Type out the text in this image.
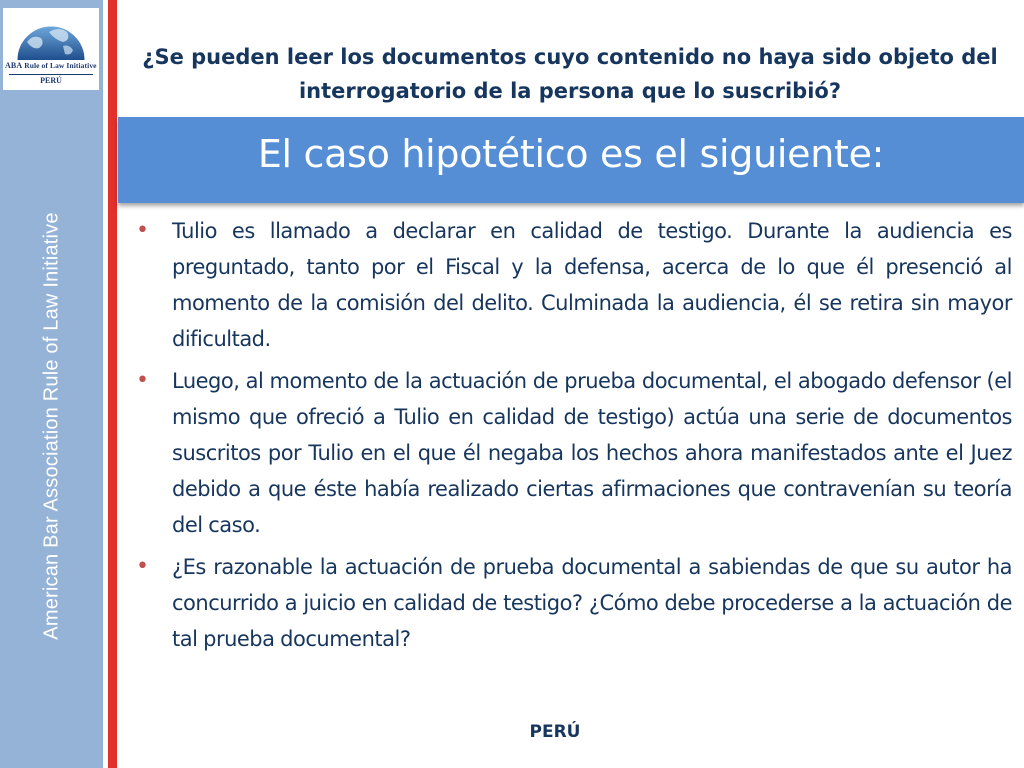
ABA Rule of Law Initiative
PERÚ
American Bar Association Rule of Law Initiative
¿Se pueden leer los documentos cuyo contenido no haya sido objeto del interrogatorio de la persona que lo suscribió?
El caso hipotético es el siguiente:
•	Tulio es llamado a declarar en calidad de testigo. Durante la audiencia es preguntado, tanto por el Fiscal y la defensa, acerca de lo que él presenció al momento de la comisión del delito. Culminada la audiencia, él se retira sin mayor dificultad.
•	Luego, al momento de la actuación de prueba documental, el abogado defensor (el mismo que ofreció a Tulio en calidad de testigo) actúa una serie de documentos suscritos por Tulio en el que él negaba los hechos ahora manifestados ante el Juez debido a que éste había realizado ciertas afirmaciones que contravenían su teoría del caso.
•	¿Es razonable la actuación de prueba documental a sabiendas de que su autor ha concurrido a juicio en calidad de testigo? ¿Cómo debe procederse a la actuación de tal prueba documental?
PERÚ
